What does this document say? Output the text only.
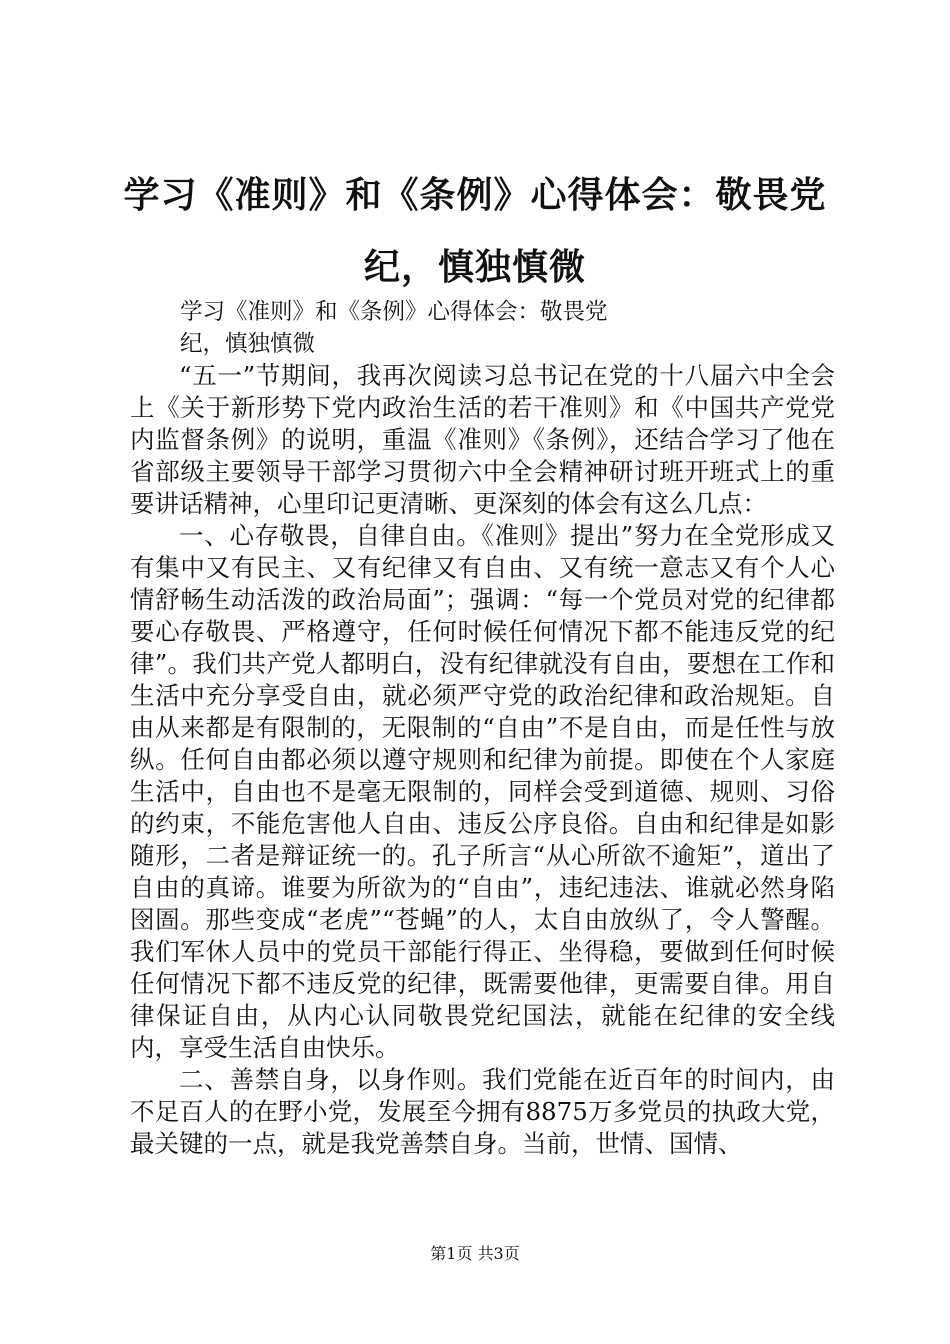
学习《准则》和《条例》心得体会：敬畏党纪，慎独慎微
学习《准则》和《条例》心得体会：敬畏党纪，慎独慎微

“五一”节期间，我再次阅读习总书记在党的十八届六中全会上《关于新形势下党内政治生活的若干准则》和《中国共产党党内监督条例》的说明，重温《准则》《条例》，还结合学习了他在省部级主要领导干部学习贯彻六中全会精神研讨班开班式上的重要讲话精神，心里印记更清晰、更深刻的体会有这么几点：

一、心存敬畏，自律自由。《准则》提出”努力在全党形成又有集中又有民主、又有纪律又有自由、又有统一意志又有个人心情舒畅生动活泼的政治局面”；强调：“每一个党员对党的纪律都要心存敬畏、严格遵守，任何时候任何情况下都不能违反党的纪律”。我们共产党人都明白，没有纪律就没有自由，要想在工作和生活中充分享受自由，就必须严守党的政治纪律和政治规矩。自由从来都是有限制的，无限制的“自由”不是自由，而是任性与放纵。任何自由都必须以遵守规则和纪律为前提。即使在个人家庭生活中，自由也不是毫无限制的，同样会受到道德、规则、习俗的约束，不能危害他人自由、违反公序良俗。自由和纪律是如影随形，二者是辩证统一的。孔子所言“从心所欲不逾矩”，道出了自由的真谛。谁要为所欲为的“自由”，违纪违法、谁就必然身陷囹圄。那些变成“老虎”“苍蝇”的人，太自由放纵了，令人警醒。我们军休人员中的党员干部能行得正、坐得稳，要做到任何时候任何情况下都不违反党的纪律，既需要他律，更需要自律。用自律保证自由，从内心认同敬畏党纪国法，就能在纪律的安全线内，享受生活自由快乐。

二、善禁自身，以身作则。我们党能在近百年的时间内，由不足百人的在野小党，发展至今拥有8875万多党员的执政大党，最关键的一点，就是我党善禁自身。当前，世情、国情、

第1页 共3页
